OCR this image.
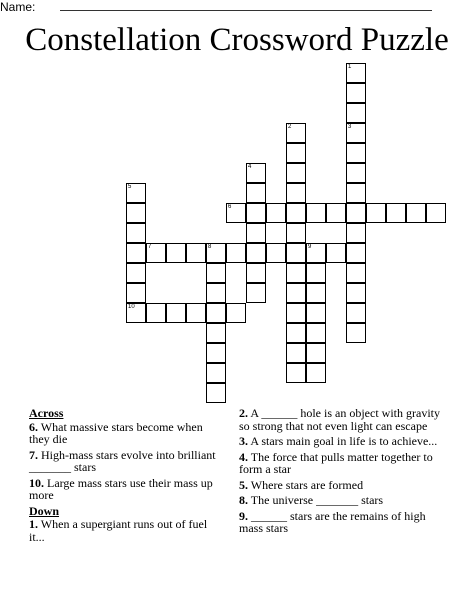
Name:
Constellation Crossword Puzzle
1
3
2
4
5
10
6
7	8	9
Across
6. What massive stars become when they die
7. High-mass stars evolve into brilliant _______ stars
10. Large mass stars use their mass up more
Down
1. When a supergiant runs out of fuel it...
2. A ______ hole is an object with gravity so strong that not even light can escape
3. A stars main goal in life is to achieve...
4. The force that pulls matter together to form a star
5. Where stars are formed
8. The universe _______ stars
9. ______ stars are the remains of high mass stars
